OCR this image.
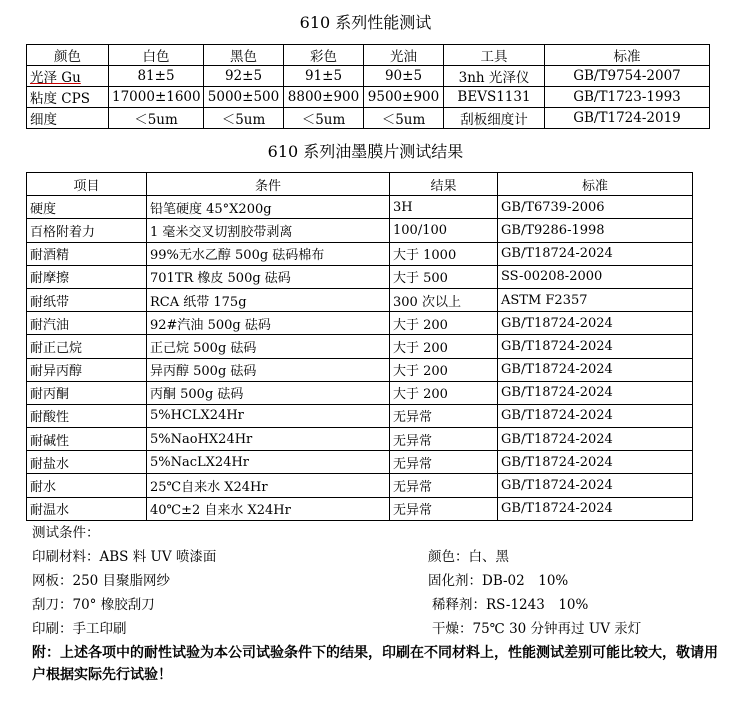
610 系列性能测试
颜色	白色	黑色	彩色	光油	工具	标准
光泽 Gu	81±5	92±5	91±5	90±5	3nh 光泽仪	GB/T9754-2007
粘度 CPS	17000±1600	5000±500	8800±900	9500±900	BEVS1131	GB/T1723-1993
细度	＜5um	＜5um	＜5um	＜5um	刮板细度计	GB/T1724-2019
610 系列油墨膜片测试结果
项目	条件	结果	标准
硬度	铅笔硬度 45°X200g	3H	GB/T6739-2006
百格附着力	1 毫米交叉切割胶带剥离	100/100	GB/T9286-1998
耐酒精	99%无水乙醇 500g 砝码棉布	大于 1000	GB/T18724-2024
耐摩擦	701TR 橡皮 500g 砝码	大于 500	SS-00208-2000
耐纸带	RCA 纸带 175g	300 次以上	ASTM F2357
耐汽油	92#汽油 500g 砝码	大于 200	GB/T18724-2024
耐正己烷	正己烷 500g 砝码	大于 200	GB/T18724-2024
耐异丙醇	异丙醇 500g 砝码	大于 200	GB/T18724-2024
耐丙酮	丙酮 500g 砝码	大于 200	GB/T18724-2024
耐酸性	5%HCLX24Hr	无异常	GB/T18724-2024
耐碱性	5%NaoHX24Hr	无异常	GB/T18724-2024
耐盐水	5%NacLX24Hr	无异常	GB/T18724-2024
耐水	25℃自来水 X24Hr	无异常	GB/T18724-2024
耐温水	40℃±2 自来水 X24Hr	无异常	GB/T18724-2024
测试条件：
印刷材料：ABS 料 UV 喷漆面
网板：250 目聚脂网纱
刮刀：70° 橡胶刮刀
印刷：手工印刷
颜色：白、黑
固化剂：DB-02　10%
稀释剂：RS-1243　10%
干燥：75℃ 30 分钟再过 UV 汞灯
附：上述各项中的耐性试验为本公司试验条件下的结果，印刷在不同材料上，性能测试差别可能比较大，敬请用户根据实际先行试验！
